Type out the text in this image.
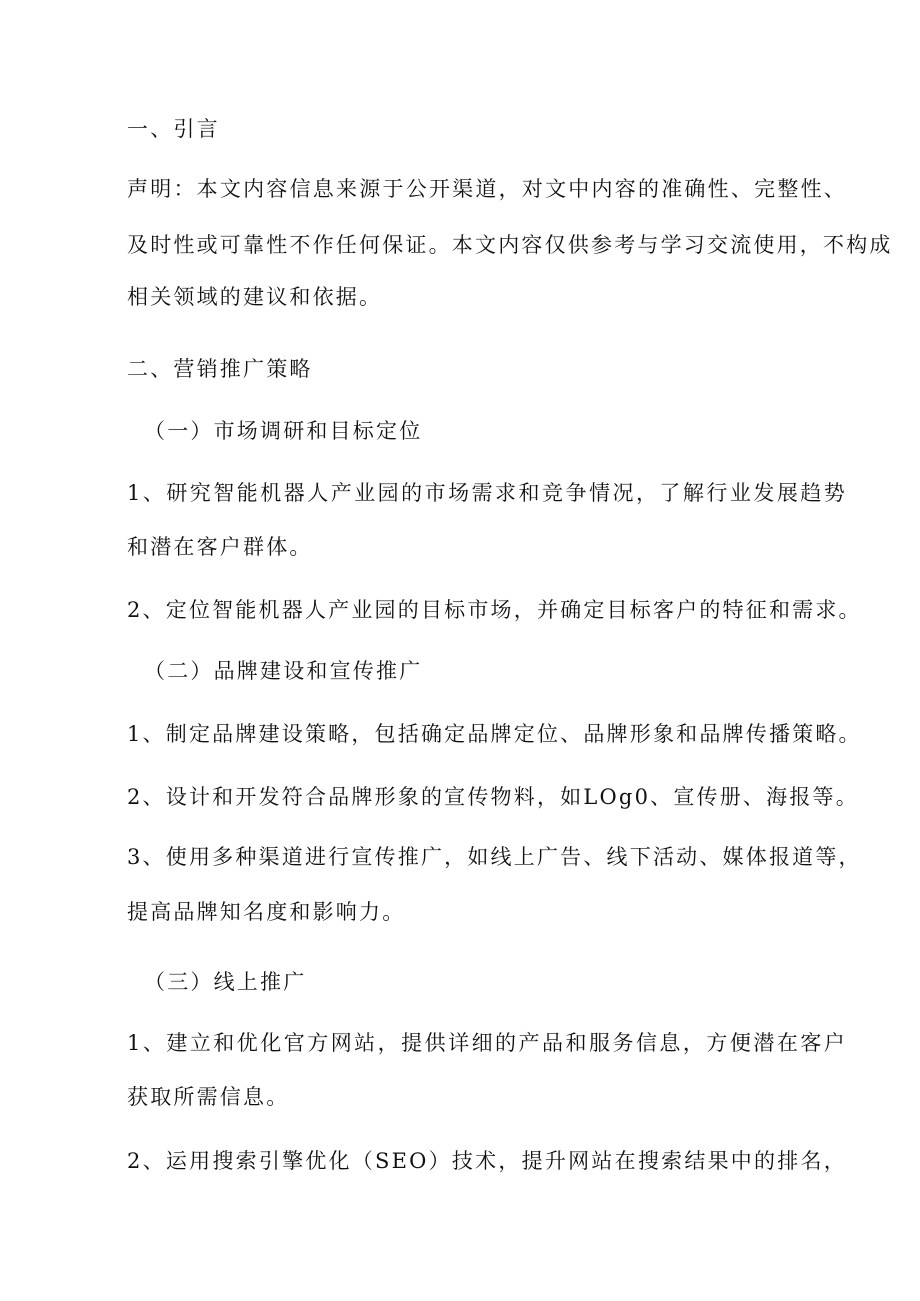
一、引言

声明：本文内容信息来源于公开渠道，对文中内容的准确性、完整性、

及时性或可靠性不作任何保证。本文内容仅供参考与学习交流使用，不构成

相关领域的建议和依据。

二、营销推广策略

（一）市场调研和目标定位

1、研究智能机器人产业园的市场需求和竞争情况，了解行业发展趋势

和潜在客户群体。

2、定位智能机器人产业园的目标市场，并确定目标客户的特征和需求。

（二）品牌建设和宣传推广

1、制定品牌建设策略，包括确定品牌定位、品牌形象和品牌传播策略。

2、设计和开发符合品牌形象的宣传物料，如LOg0、宣传册、海报等。

3、使用多种渠道进行宣传推广，如线上广告、线下活动、媒体报道等，

提高品牌知名度和影响力。

（三）线上推广

1、建立和优化官方网站，提供详细的产品和服务信息，方便潜在客户

获取所需信息。

2、运用搜索引擎优化（SEO）技术，提升网站在搜索结果中的排名，
